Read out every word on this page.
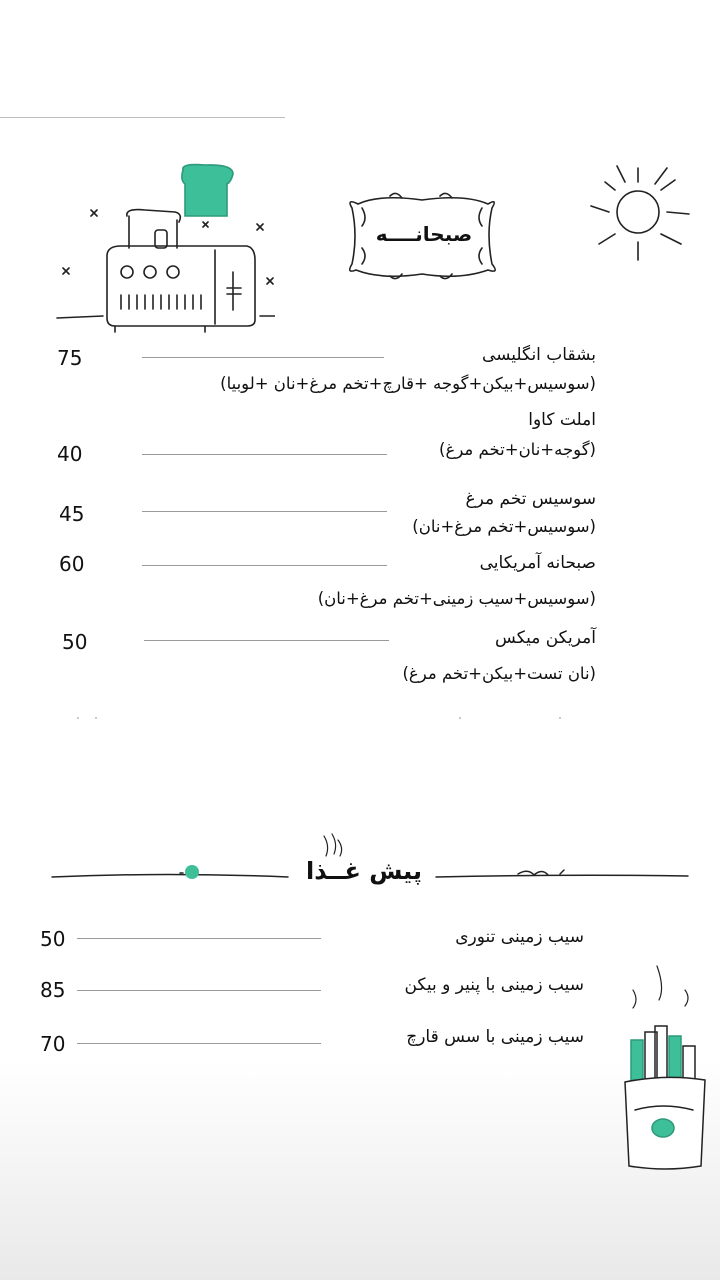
صبحانــــه
بشقاب انگلیسی
75
(سوسیس+بیکن+گوجه +قارچ+تخم مرغ+نان +لوبیا)
املت کاوا
(گوجه+نان+تخم مرغ)
40
سوسیس تخم مرغ
45
(سوسیس+تخم مرغ+نان)
صبحانه آمریکایی
60
(سوسیس+سیب زمینی+تخم مرغ+نان)
آمریکن میکس
50
(نان تست+بیکن+تخم مرغ)
پیش غــذا
سیب زمینی تنوری
50
سیب زمینی با پنیر و بیکن
85
سیب زمینی با سس قارچ
70
